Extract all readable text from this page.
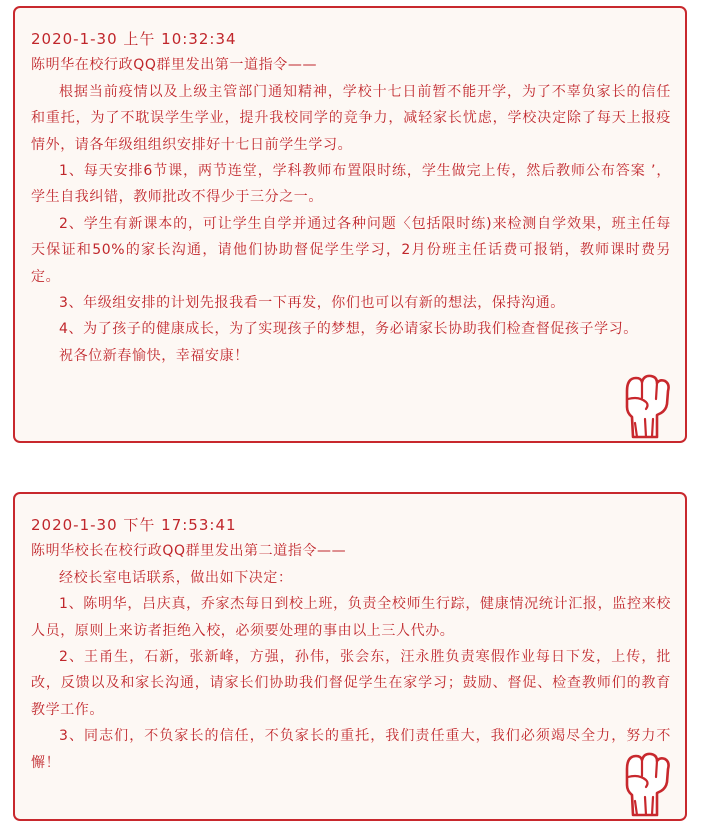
2020-1-30 上午 10:32:34

陈明华在校行政QQ群里发出第一道指令——

根据当前疫情以及上级主管部门通知精神，学校十七日前暂不能开学，为了不辜负家长的信任和重托，为了不耽误学生学业，提升我校同学的竞争力，减轻家长忧虑，学校决定除了每天上报疫情外，请各年级组组织安排好十七日前学生学习。

1、每天安排6节课，两节连堂，学科教师布置限时练，学生做完上传，然后教师公布答案 ’，学生自我纠错，教师批改不得少于三分之一。

2、学生有新课本的，可让学生自学并通过各种问题〈包括限时练)来检测自学效果，班主任每天保证和50%的家长沟通，请他们协助督促学生学习，2月份班主任话费可报销，教师课时费另定。

3、年级组安排的计划先报我看一下再发，你们也可以有新的想法，保持沟通。

4、为了孩子的健康成长，为了实现孩子的梦想，务必请家长协助我们检查督促孩子学习。

祝各位新春愉快，幸福安康！

2020-1-30 下午 17:53:41

陈明华校长在校行政QQ群里发出第二道指令——

经校长室电话联系，做出如下决定：

1、陈明华，吕庆真，乔家杰每日到校上班，负责全校师生行踪，健康情况统计汇报，监控来校人员，原则上来访者拒绝入校，必须要处理的事由以上三人代办。

2、王甬生，石新，张新峰，方强，孙伟，张会东，汪永胜负责寒假作业每日下发，上传，批改，反馈以及和家长沟通，请家长们协助我们督促学生在家学习；鼓励、督促、检查教师们的教育教学工作。

3、同志们，不负家长的信任，不负家长的重托，我们责任重大，我们必须竭尽全力，努力不懈！
